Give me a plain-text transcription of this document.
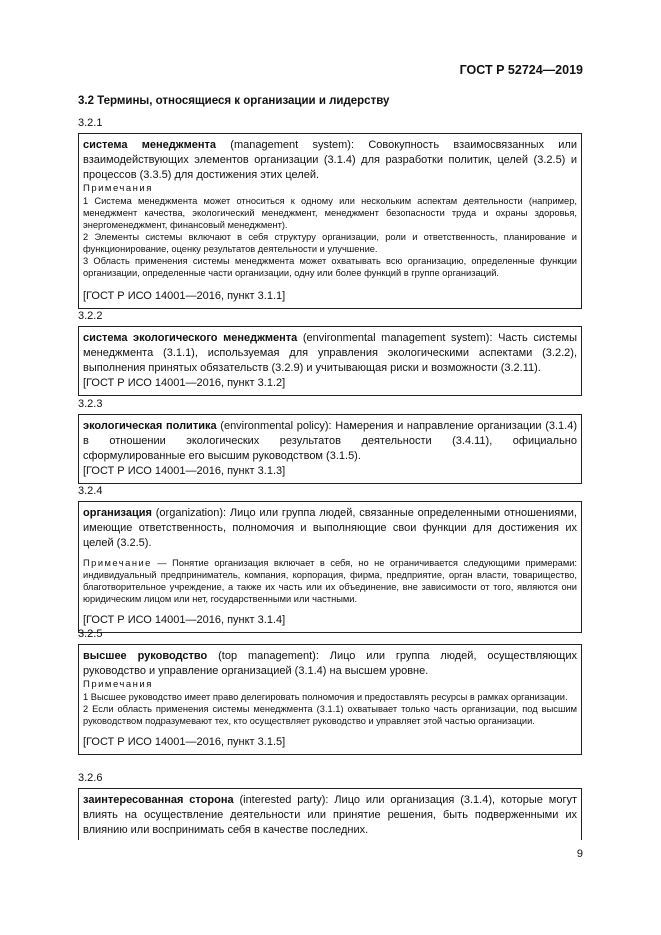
ГОСТ Р 52724—2019
3.2 Термины, относящиеся к организации и лидерству
3.2.1

система менеджмента (management system): Совокупность взаимосвязанных или взаимодействующих элементов организации (3.1.4) для разработки политик, целей (3.2.5) и процессов (3.3.5) для достижения этих целей.

Примечания

1 Система менеджмента может относиться к одному или нескольким аспектам деятельности (например, менеджмент качества, экологический менеджмент, менеджмент безопасности труда и охраны здоровья, энергоменеджмент, финансовый менеджмент).

2 Элементы системы включают в себя структуру организации, роли и ответственность, планирование и функционирование, оценку результатов деятельности и улучшение.

3 Область применения системы менеджмента может охватывать всю организацию, определенные функции организации, определенные части организации, одну или более функций в группе организаций.

[ГОСТ Р ИСО 14001—2016, пункт 3.1.1]

3.2.2

система экологического менеджмента (environmental management system): Часть системы менеджмента (3.1.1), используемая для управления экологическими аспектами (3.2.2), выполнения принятых обязательств (3.2.9) и учитывающая риски и возможности (3.2.11).

[ГОСТ Р ИСО 14001—2016, пункт 3.1.2]

3.2.3

экологическая политика (environmental policy): Намерения и направление организации (3.1.4) в отношении экологических результатов деятельности (3.4.11), официально сформулированные его высшим руководством (3.1.5).

[ГОСТ Р ИСО 14001—2016, пункт 3.1.3]

3.2.4

организация (organization): Лицо или группа людей, связанные определенными отношениями, имеющие ответственность, полномочия и выполняющие свои функции для достижения их целей (3.2.5).

Примечание — Понятие организация включает в себя, но не ограничивается следующими примерами: индивидуальный предприниматель, компания, корпорация, фирма, предприятие, орган власти, товарищество, благотворительное учреждение, а также их часть или их объединение, вне зависимости от того, являются они юридическим лицом или нет, государственными или частными.

[ГОСТ Р ИСО 14001—2016, пункт 3.1.4]

3.2.5

высшее руководство (top management): Лицо или группа людей, осуществляющих руководство и управление организацией (3.1.4) на высшем уровне.

Примечания

1 Высшее руководство имеет право делегировать полномочия и предоставлять ресурсы в рамках организации.

2 Если область применения системы менеджмента (3.1.1) охватывает только часть организации, под высшим руководством подразумевают тех, кто осуществляет руководство и управляет этой частью организации.

[ГОСТ Р ИСО 14001—2016, пункт 3.1.5]

3.2.6

заинтересованная сторона (interested party): Лицо или организация (3.1.4), которые могут влиять на осуществление деятельности или принятие решения, быть подверженными их влиянию или воспринимать себя в качестве последних.

9
